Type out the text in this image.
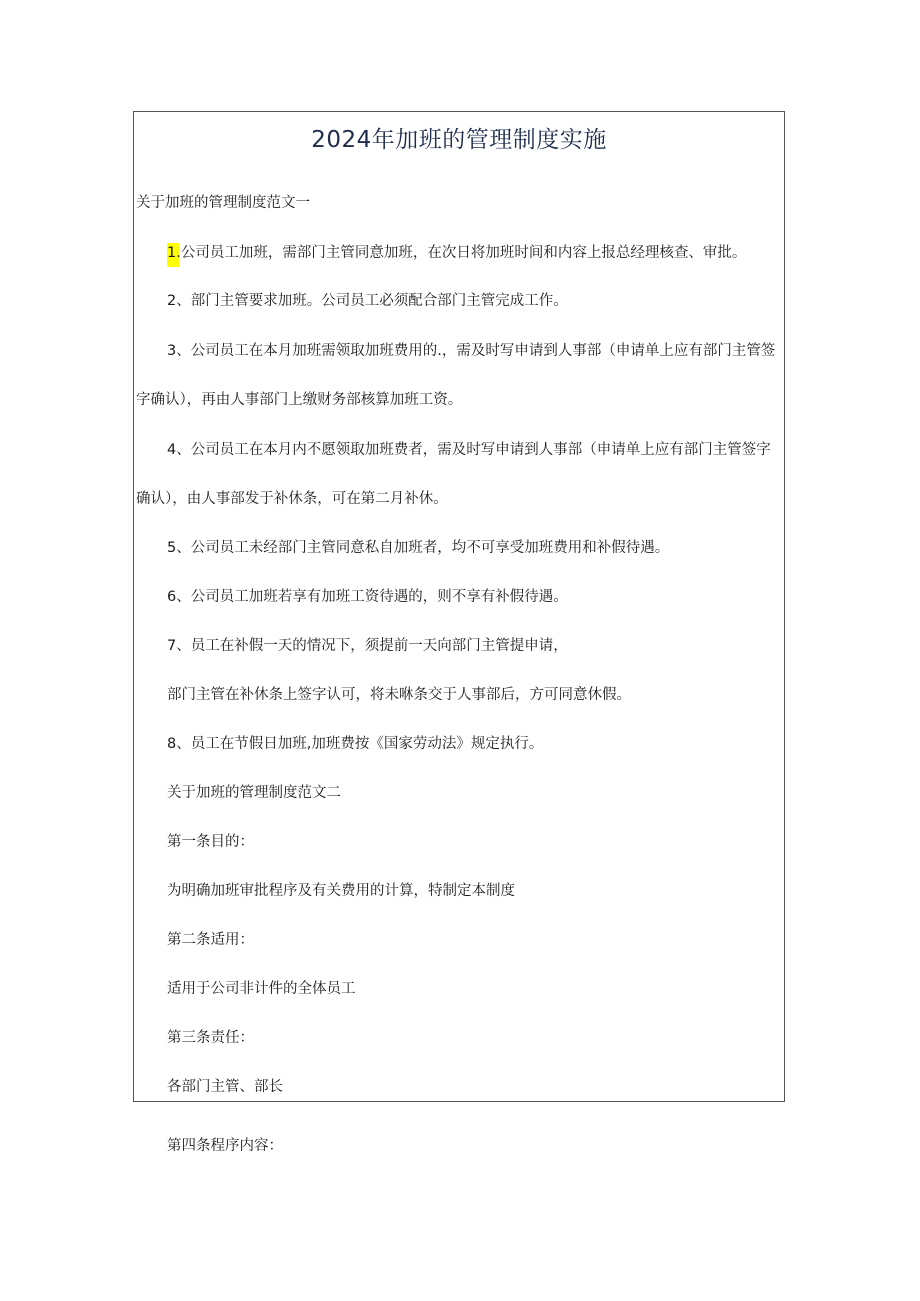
2024年加班的管理制度实施

关于加班的管理制度范文一

1.公司员工加班，需部门主管同意加班，在次日将加班时间和内容上报总经理核查、审批。

2、部门主管要求加班。公司员工必须配合部门主管完成工作。

3、公司员工在本月加班需领取加班费用的.，需及时写申请到人事部（申请单上应有部门主管签

字确认），再由人事部门上缴财务部核算加班工资。

4、公司员工在本月内不愿领取加班费者，需及时写申请到人事部（申请单上应有部门主管签字

确认），由人事部发于补休条，可在第二月补休。

5、公司员工未经部门主管同意私自加班者，均不可享受加班费用和补假待遇。

6、公司员工加班若享有加班工资待遇的，则不享有补假待遇。

7、员工在补假一天的情况下，须提前一天向部门主管提申请，

部门主管在补休条上签字认可，将未咻条交于人事部后，方可同意休假。

8、员工在节假日加班,加班费按《国家劳动法》规定执行。

关于加班的管理制度范文二

第一条目的：

为明确加班审批程序及有关费用的计算，特制定本制度

第二条适用：

适用于公司非计件的全体员工

第三条责任：

各部门主管、部长

第四条程序内容：
